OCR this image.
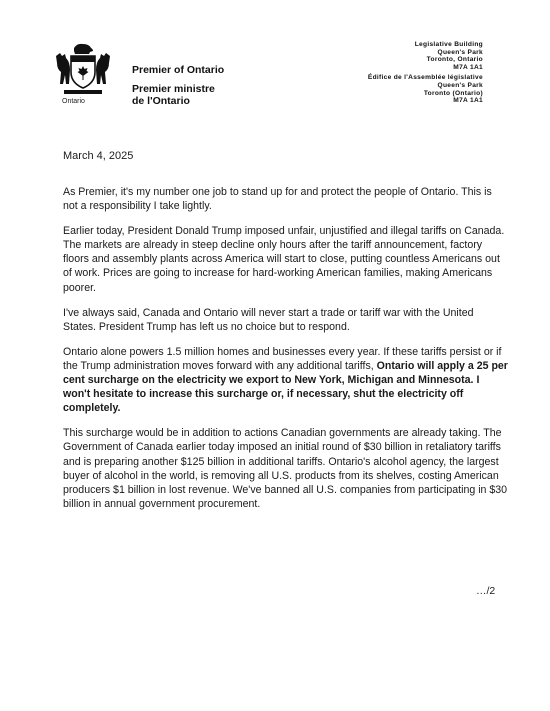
Ontario
Premier of Ontario
Premier ministre
de l'Ontario
Legislative Building
Queen's Park
Toronto, Ontario
M7A 1A1
Édifice de l'Assemblée législative
Queen's Park
Toronto (Ontario)
M7A 1A1
March 4, 2025

As Premier, it's my number one job to stand up for and protect the people of Ontario. This is not a responsibility I take lightly.

Earlier today, President Donald Trump imposed unfair, unjustified and illegal tariffs on Canada. The markets are already in steep decline only hours after the tariff announcement, factory floors and assembly plants across America will start to close, putting countless Americans out of work. Prices are going to increase for hard-working American families, making Americans poorer.

I've always said, Canada and Ontario will never start a trade or tariff war with the United States. President Trump has left us no choice but to respond.

Ontario alone powers 1.5 million homes and businesses every year. If these tariffs persist or if the Trump administration moves forward with any additional tariffs, Ontario will apply a 25 per cent surcharge on the electricity we export to New York, Michigan and Minnesota. I won't hesitate to increase this surcharge or, if necessary, shut the electricity off completely.

This surcharge would be in addition to actions Canadian governments are already taking. The Government of Canada earlier today imposed an initial round of $30 billion in retaliatory tariffs and is preparing another $125 billion in additional tariffs. Ontario's alcohol agency, the largest buyer of alcohol in the world, is removing all U.S. products from its shelves, costing American producers $1 billion in lost revenue. We've banned all U.S. companies from participating in $30 billion in annual government procurement.

…/2
